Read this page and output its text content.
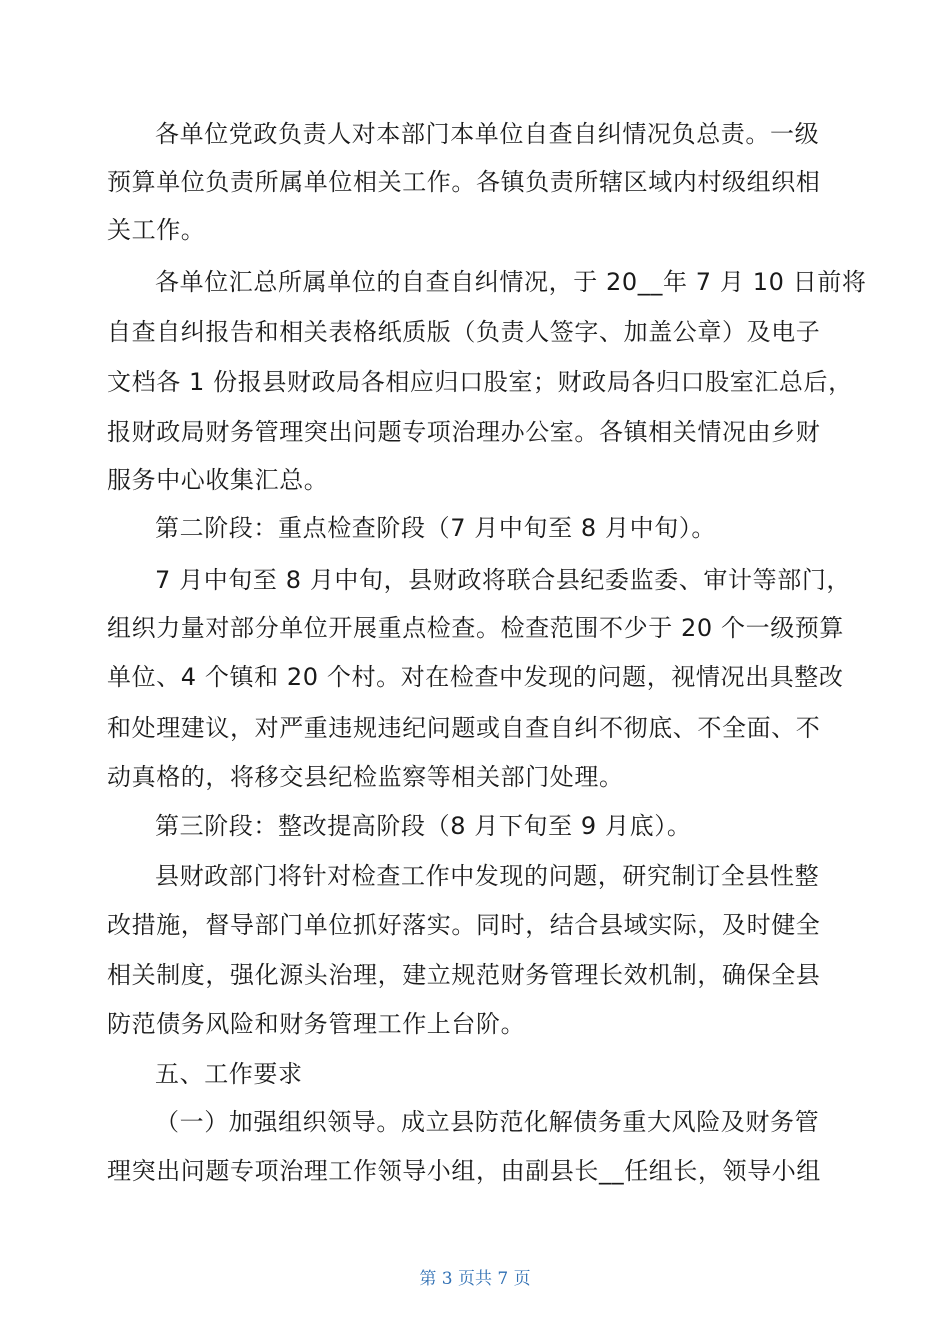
各单位党政负责人对本部门本单位自查自纠情况负总责。一级
预算单位负责所属单位相关工作。各镇负责所辖区域内村级组织相
关工作。
各单位汇总所属单位的自查自纠情况，于 20__年 7 月 10 日前将
自查自纠报告和相关表格纸质版（负责人签字、加盖公章）及电子
文档各 1 份报县财政局各相应归口股室；财政局各归口股室汇总后，
报财政局财务管理突出问题专项治理办公室。各镇相关情况由乡财
服务中心收集汇总。
第二阶段：重点检查阶段（7 月中旬至 8 月中旬）。
7 月中旬至 8 月中旬，县财政将联合县纪委监委、审计等部门，
组织力量对部分单位开展重点检查。检查范围不少于 20 个一级预算
单位、4 个镇和 20 个村。对在检查中发现的问题，视情况出具整改
和处理建议，对严重违规违纪问题或自查自纠不彻底、不全面、不
动真格的，将移交县纪检监察等相关部门处理。
第三阶段：整改提高阶段（8 月下旬至 9 月底）。
县财政部门将针对检查工作中发现的问题，研究制订全县性整
改措施，督导部门单位抓好落实。同时，结合县域实际，及时健全
相关制度，强化源头治理，建立规范财务管理长效机制，确保全县
防范债务风险和财务管理工作上台阶。
五、工作要求
（一）加强组织领导。成立县防范化解债务重大风险及财务管
理突出问题专项治理工作领导小组，由副县长__任组长，领导小组
第 3 页共 7 页
